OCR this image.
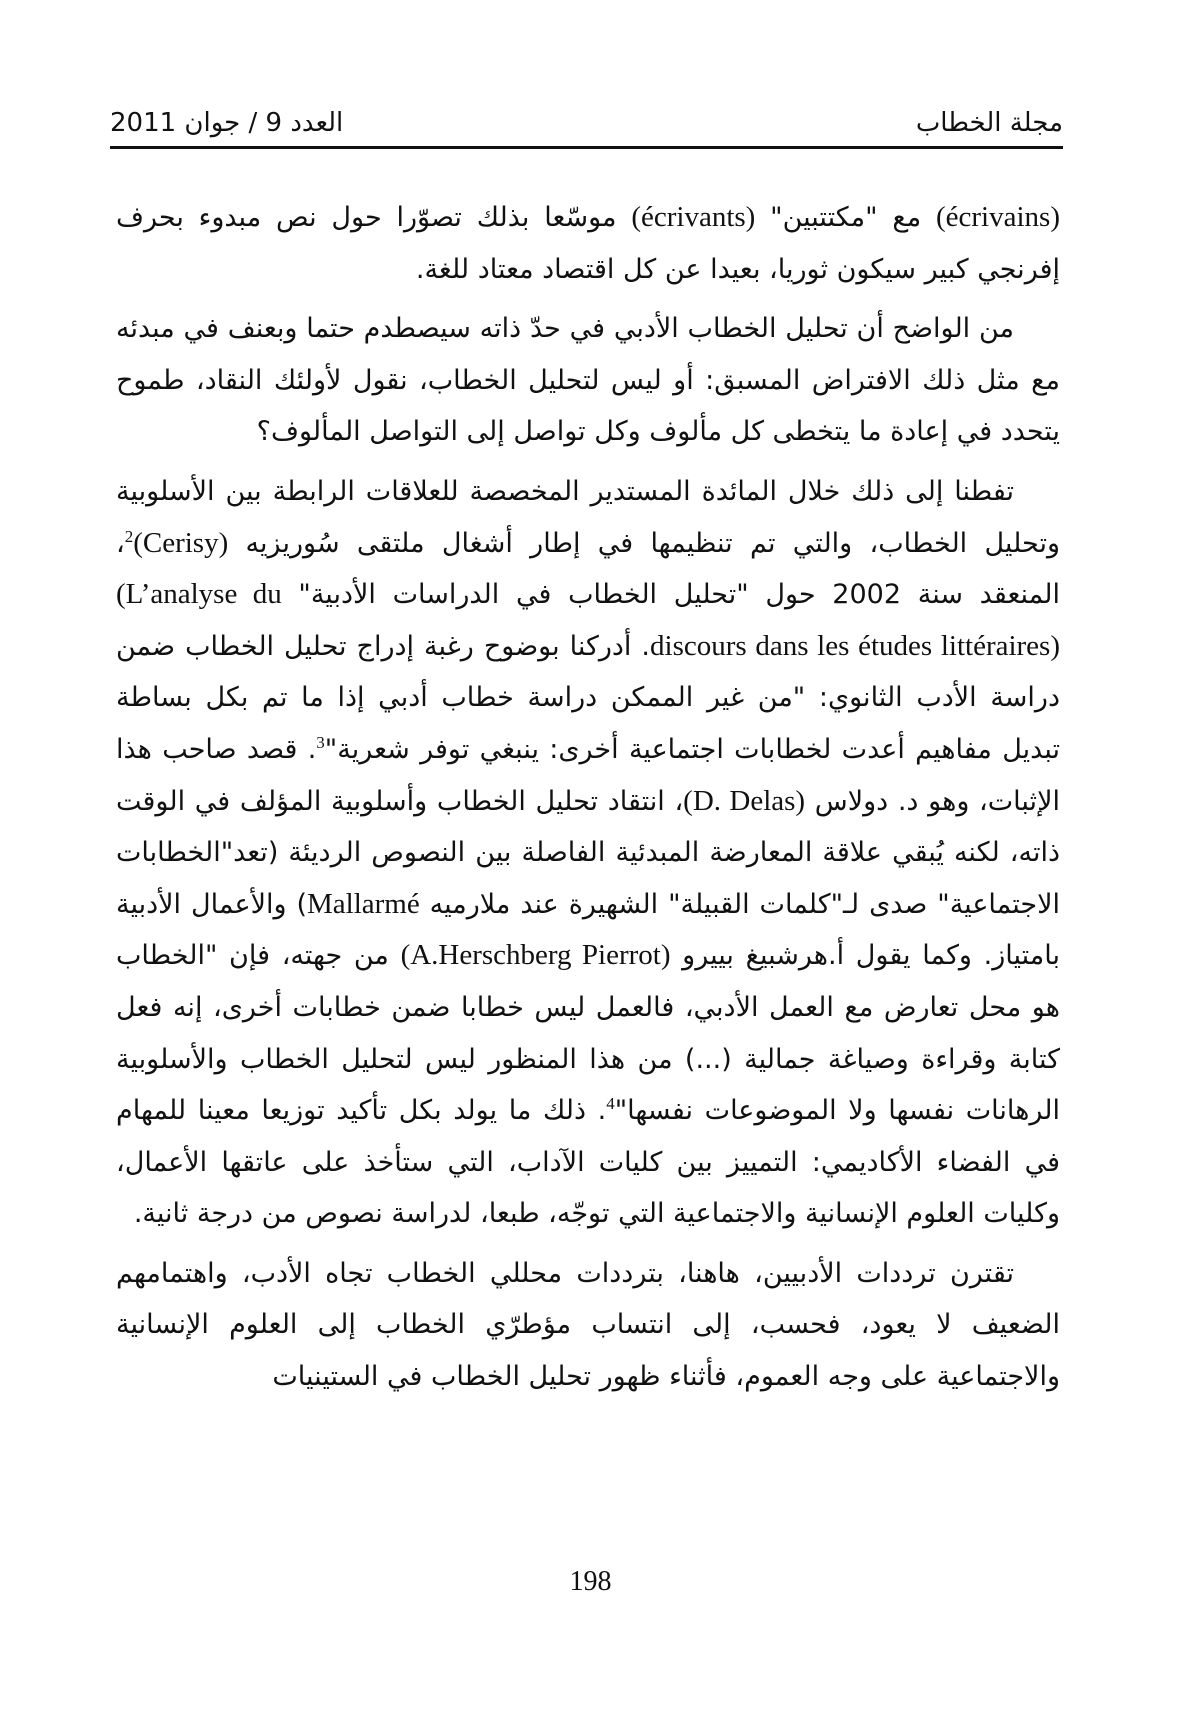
مجلة الخطاب
العدد 9 / جوان 2011

(écrivains) مع "مكتتبين" (écrivants) موسّعا بذلك تصوّرا حول نص مبدوء بحرف إفرنجي كبير سيكون ثوريا، بعيدا عن كل اقتصاد معتاد للغة.

من الواضح أن تحليل الخطاب الأدبي في حدّ ذاته سيصطدم حتما وبعنف في مبدئه مع مثل ذلك الافتراض المسبق: أو ليس لتحليل الخطاب، نقول لأولئك النقاد، طموح يتحدد في إعادة ما يتخطى كل مألوف وكل تواصل إلى التواصل المألوف؟

تفطنا إلى ذلك خلال المائدة المستدير المخصصة للعلاقات الرابطة بين الأسلوبية وتحليل الخطاب، والتي تم تنظيمها في إطار أشغال ملتقى سُوريزيه (Cerisy)$^2$، المنعقد سنة 2002 حول "تحليل الخطاب في الدراسات الأدبية" (L’analyse du discours dans les études littéraires). أدركنا بوضوح رغبة إدراج تحليل الخطاب ضمن دراسة الأدب الثانوي: "من غير الممكن دراسة خطاب أدبي إذا ما تم بكل بساطة تبديل مفاهيم أعدت لخطابات اجتماعية أخرى: ينبغي توفر شعرية"$^3$. قصد صاحب هذا الإثبات، وهو د. دولاس (D. Delas)، انتقاد تحليل الخطاب وأسلوبية المؤلف في الوقت ذاته، لكنه يُبقي علاقة المعارضة المبدئية الفاصلة بين النصوص الرديئة (تعد"الخطابات الاجتماعية" صدى لـ"كلمات القبيلة" الشهيرة عند ملارميه Mallarmé) والأعمال الأدبية بامتياز. وكما يقول أ.هرشبيغ بييرو (A.Herschberg Pierrot) من جهته، فإن "الخطاب هو محل تعارض مع العمل الأدبي، فالعمل ليس خطابا ضمن خطابات أخرى، إنه فعل كتابة وقراءة وصياغة جمالية (...) من هذا المنظور ليس لتحليل الخطاب والأسلوبية الرهانات نفسها ولا الموضوعات نفسها"$^4$. ذلك ما يولد بكل تأكيد توزيعا معينا للمهام في الفضاء الأكاديمي: التمييز بين كليات الآداب، التي ستأخذ على عاتقها الأعمال، وكليات العلوم الإنسانية والاجتماعية التي توجّه، طبعا، لدراسة نصوص من درجة ثانية.

تقترن ترددات الأدبيين، هاهنا، بترددات محللي الخطاب تجاه الأدب، واهتمامهم الضعيف لا يعود، فحسب، إلى انتساب مؤطرّي الخطاب إلى العلوم الإنسانية والاجتماعية على وجه العموم، فأثناء ظهور تحليل الخطاب في الستينيات

198
